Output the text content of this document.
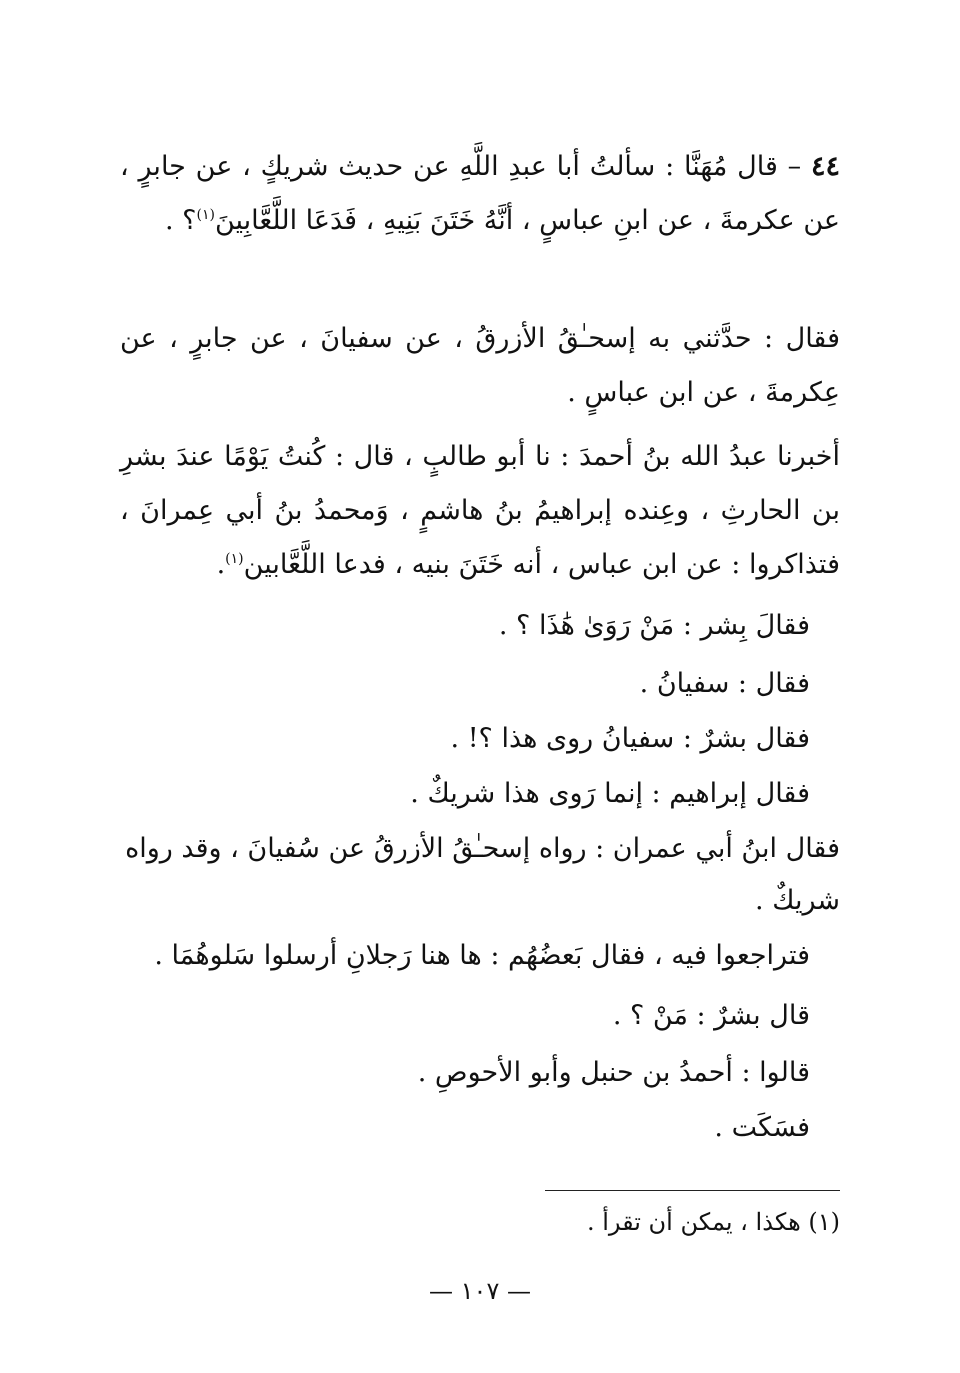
٤٤ – قال مُهَنَّا : سألتُ أبا عبدِ اللَّهِ عن حديث شريكٍ ، عن جابرٍ ، عن عكرمةَ ، عن ابنِ عباسٍ ، أنَّهُ خَتَنَ بَنِيهِ ، فَدَعَا اللَّعَّابِينَ$^{(١)}$؟ .

فقال : حدَّثني به إسحـٰقُ الأزرقُ ، عن سفيانَ ، عن جابرٍ ، عن عِكرمةَ ، عن ابن عباسٍ .

أخبرنا عبدُ الله بنُ أحمدَ : نا أبو طالبٍ ، قال : كُنتُ يَوْمًا عندَ بشرِ بن الحارثِ ، وعِنده إبراهيمُ بنُ هاشمٍ ، وَمحمدُ بنُ أبي عِمرانَ ، فتذاكروا : عن ابن عباس ، أنه خَتَنَ بنيه ، فدعا اللَّعَّابين$^{(١)}$.

فقالَ بِشر : مَنْ رَوَىٰ هَٰذَا ؟ .
فقال : سفيانُ .
فقال بشرٌ : سفيانُ روى هذا ؟! .
فقال إبراهيم : إنما رَوى هذا شريكٌ .
فقال ابنُ أبي عمران : رواه إسحـٰقُ الأزرقُ عن سُفيانَ ، وقد رواه
شريكٌ .
فتراجعوا فيه ، فقال بَعضُهُم : ها هنا رَجلانِ أرسلوا سَلوهُمَا .
قال بشرٌ : مَنْ ؟ .
قالوا : أحمدُ بن حنبل وأبو الأحوصِ .
فسَكَت .
(١) هكذا ، يمكن أن تقرأ .
— ١٠٧ —
